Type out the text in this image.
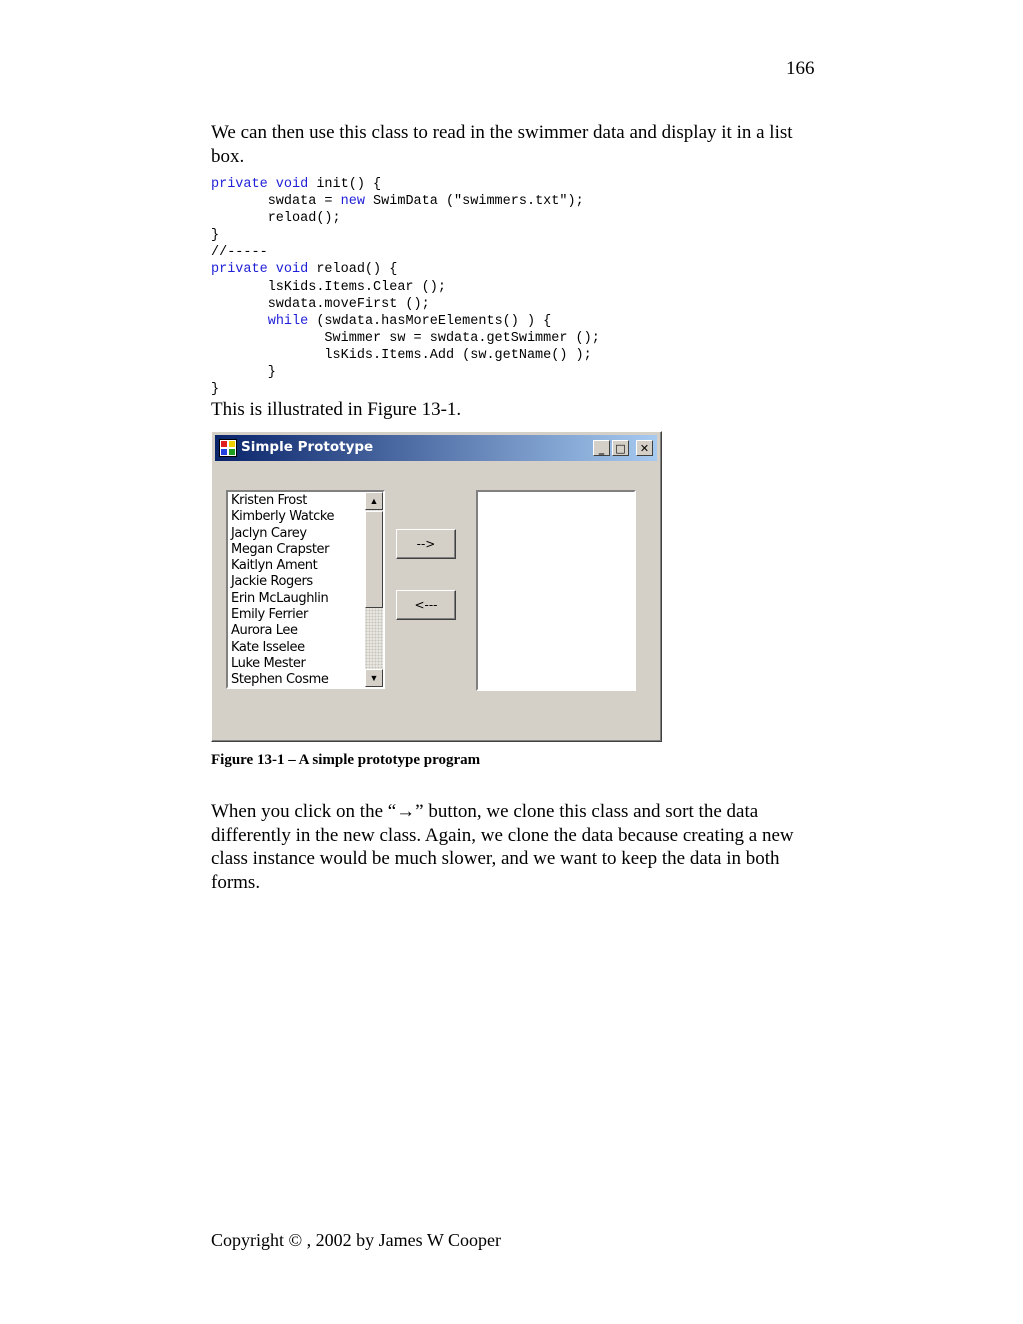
166

We can then use this class to read in the swimmer data and display it in a list box.

private void init() {
swdata = new SwimData ("swimmers.txt");
reload();
}
//-----
private void reload() {
lsKids.Items.Clear ();
swdata.moveFirst ();
while (swdata.hasMoreElements() ) {
Swimmer sw = swdata.getSwimmer ();
lsKids.Items.Add (sw.getName() );
}
}

This is illustrated in Figure 13-1.

Simple Prototype	_ □ ✕
Kristen Frost
Kimberly Watcke
Jaclyn Carey
Megan Crapster
Kaitlyn Ament
Jackie Rogers
Erin McLaughlin
Emily Ferrier
Aurora Lee
Kate Isselee
Luke Mester
Stephen Cosme
▲
▼
-->
<---
Figure 13-1 – A simple prototype program

When you click on the “→” button, we clone this class and sort the data differently in the new class. Again, we clone the data because creating a new class instance would be much slower, and we want to keep the data in both forms.

Copyright © , 2002 by James W Cooper
